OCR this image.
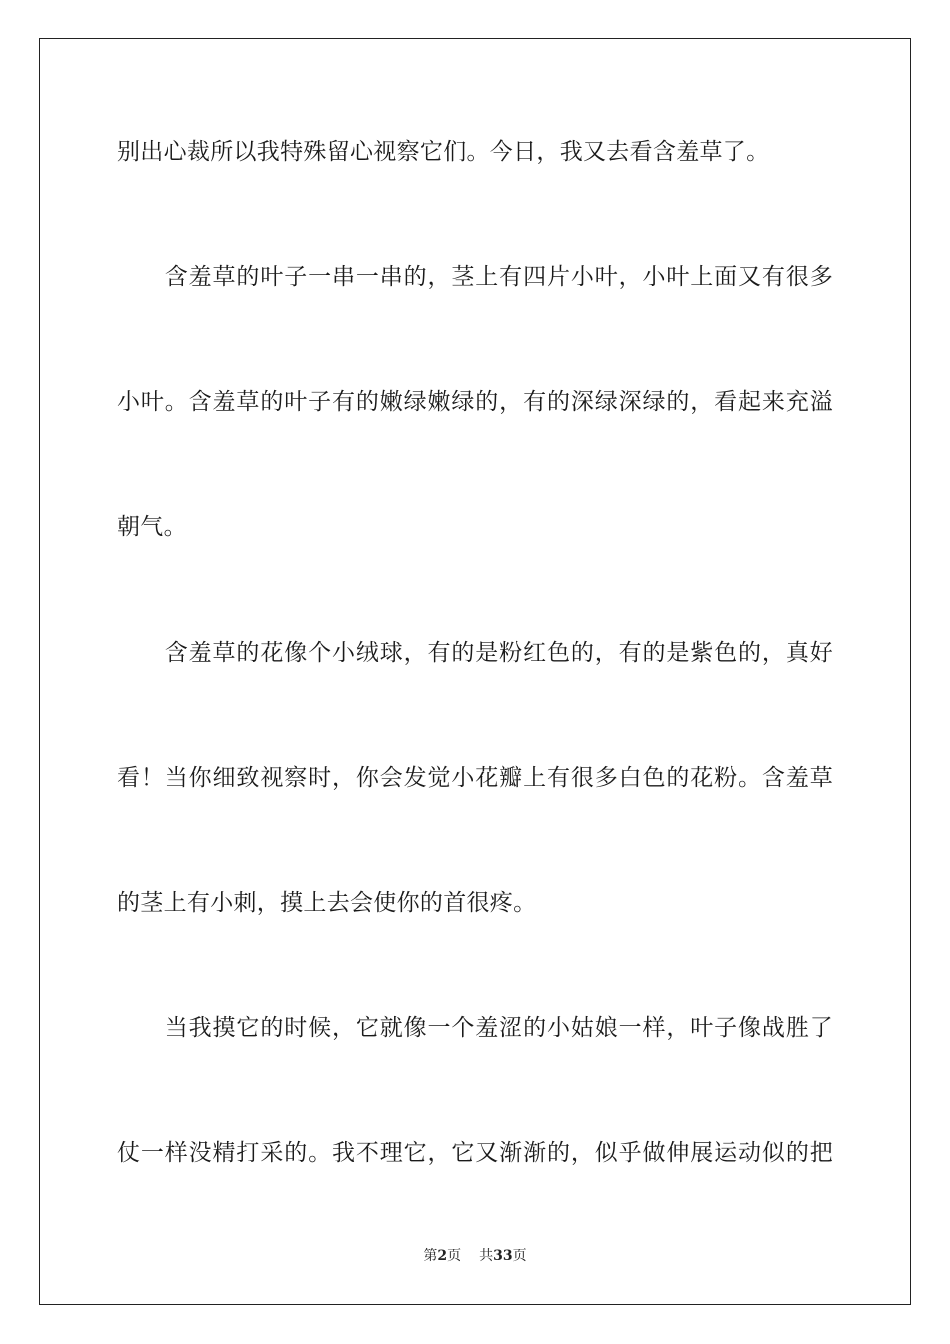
别出心裁所以我特殊留心视察它们。今日，我又去看含羞草了。
　　含羞草的叶子一串一串的，茎上有四片小叶，小叶上面又有很多
小叶。含羞草的叶子有的嫩绿嫩绿的，有的深绿深绿的，看起来充溢
朝气。
　　含羞草的花像个小绒球，有的是粉红色的，有的是紫色的，真好
看！当你细致视察时，你会发觉小花瓣上有很多白色的花粉。含羞草
的茎上有小刺，摸上去会使你的首很疼。
　　当我摸它的时候，它就像一个羞涩的小姑娘一样，叶子像战胜了
仗一样没精打采的。我不理它，它又渐渐的，似乎做伸展运动似的把
第2页 共33页
